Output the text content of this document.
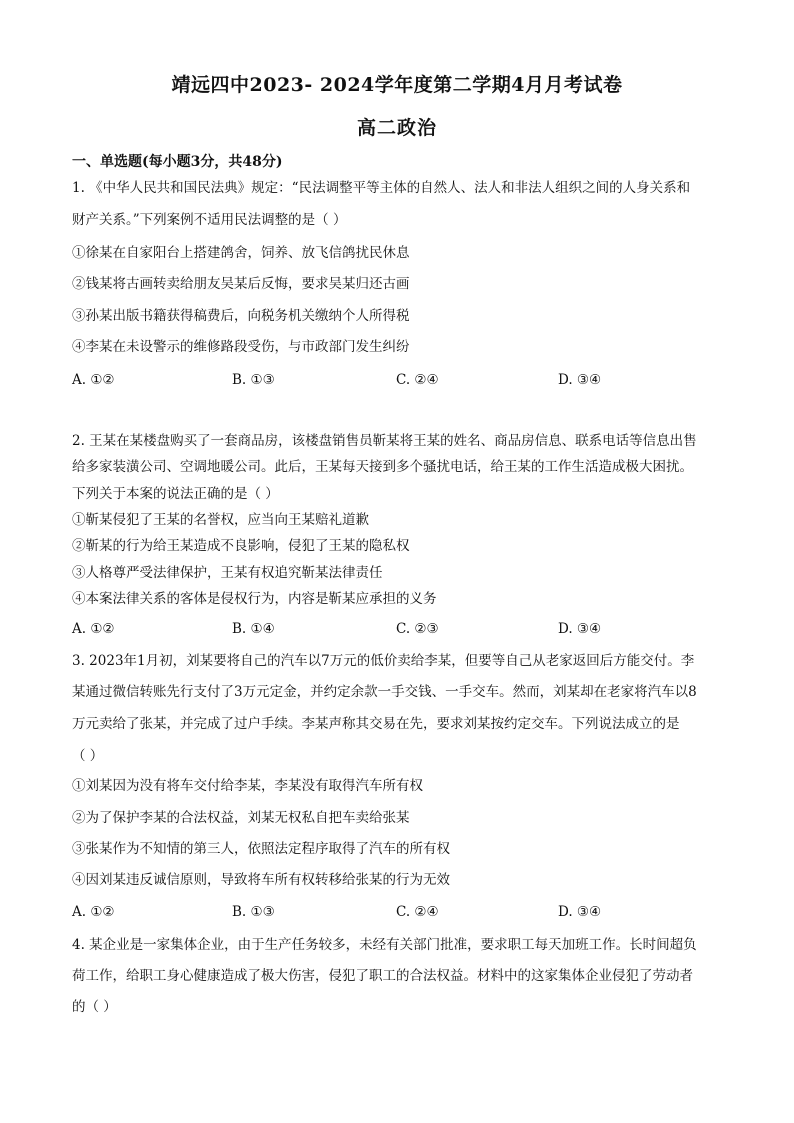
靖远四中2023- 2024学年度第二学期4月月考试卷
高二政治
一、单选题(每小题3分，共48分)
1. 《中华人民共和国民法典》规定：“民法调整平等主体的自然人、法人和非法人组织之间的人身关系和
财产关系。”下列案例不适用民法调整的是（ ）
①徐某在自家阳台上搭建鸽舍，饲养、放飞信鸽扰民休息
②钱某将古画转卖给朋友吴某后反悔，要求吴某归还古画
③孙某出版书籍获得稿费后，向税务机关缴纳个人所得税
④李某在未设警示的维修路段受伤，与市政部门发生纠纷
A. ①②	B. ①③	C. ②④	D. ③④
2. 王某在某楼盘购买了一套商品房，该楼盘销售员靳某将王某的姓名、商品房信息、联系电话等信息出售
给多家装潢公司、空调地暖公司。此后，王某每天接到多个骚扰电话，给王某的工作生活造成极大困扰。
下列关于本案的说法正确的是（ ）
①靳某侵犯了王某的名誉权，应当向王某赔礼道歉
②靳某的行为给王某造成不良影响，侵犯了王某的隐私权
③人格尊严受法律保护，王某有权追究靳某法律责任
④本案法律关系的客体是侵权行为，内容是靳某应承担的义务
A. ①②	B. ①④	C. ②③	D. ③④
3. 2023年1月初，刘某要将自己的汽车以7万元的低价卖给李某，但要等自己从老家返回后方能交付。李
某通过微信转账先行支付了3万元定金，并约定余款一手交钱、一手交车。然而，刘某却在老家将汽车以8
万元卖给了张某，并完成了过户手续。李某声称其交易在先，要求刘某按约定交车。下列说法成立的是
（ ）
①刘某因为没有将车交付给李某，李某没有取得汽车所有权
②为了保护李某的合法权益，刘某无权私自把车卖给张某
③张某作为不知情的第三人，依照法定程序取得了汽车的所有权
④因刘某违反诚信原则，导致将车所有权转移给张某的行为无效
A. ①②	B. ①③	C. ②④	D. ③④
4. 某企业是一家集体企业，由于生产任务较多，未经有关部门批准，要求职工每天加班工作。长时间超负
荷工作，给职工身心健康造成了极大伤害，侵犯了职工的合法权益。材料中的这家集体企业侵犯了劳动者
的（ ）
